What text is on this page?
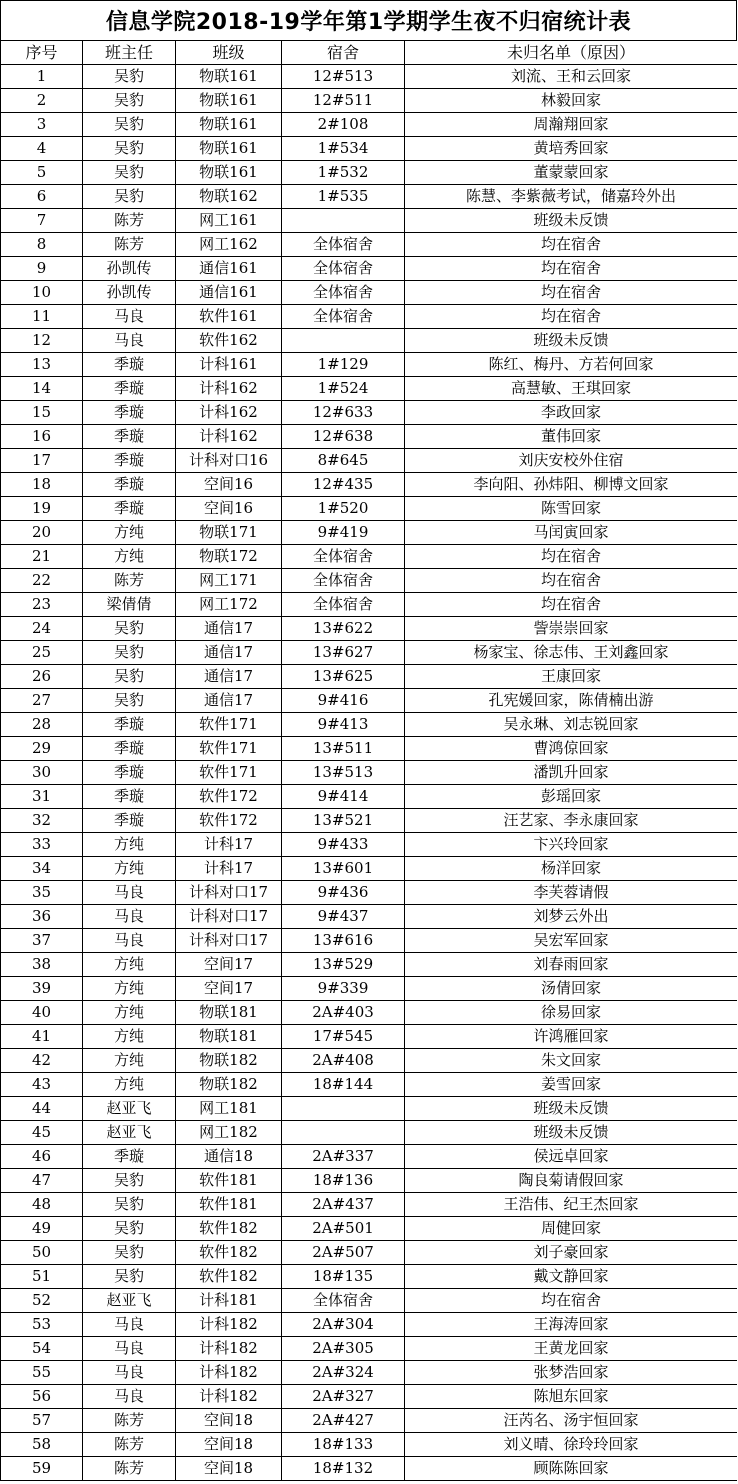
信息学院2018-19学年第1学期学生夜不归宿统计表
序号	班主任	班级	宿舍	未归名单（原因）
1	吴豹	物联161	12#513	刘流、王和云回家
2	吴豹	物联161	12#511	林毅回家
3	吴豹	物联161	2#108	周瀚翔回家
4	吴豹	物联161	1#534	黄培秀回家
5	吴豹	物联161	1#532	董蒙蒙回家
6	吴豹	物联162	1#535	陈慧、李紫薇考试，储嘉玲外出
7	陈芳	网工161		班级未反馈
8	陈芳	网工162	全体宿舍	均在宿舍
9	孙凯传	通信161	全体宿舍	均在宿舍
10	孙凯传	通信161	全体宿舍	均在宿舍
11	马良	软件161	全体宿舍	均在宿舍
12	马良	软件162		班级未反馈
13	季璇	计科161	1#129	陈红、梅丹、方若何回家
14	季璇	计科162	1#524	高慧敏、王琪回家
15	季璇	计科162	12#633	李政回家
16	季璇	计科162	12#638	董伟回家
17	季璇	计科对口16	8#645	刘庆安校外住宿
18	季璇	空间16	12#435	李向阳、孙炜阳、柳博文回家
19	季璇	空间16	1#520	陈雪回家
20	方纯	物联171	9#419	马闰寅回家
21	方纯	物联172	全体宿舍	均在宿舍
22	陈芳	网工171	全体宿舍	均在宿舍
23	梁倩倩	网工172	全体宿舍	均在宿舍
24	吴豹	通信17	13#622	訾崇崇回家
25	吴豹	通信17	13#627	杨家宝、徐志伟、王刘鑫回家
26	吴豹	通信17	13#625	王康回家
27	吴豹	通信17	9#416	孔宪媛回家，陈倩楠出游
28	季璇	软件171	9#413	吴永琳、刘志锐回家
29	季璇	软件171	13#511	曹鸿倞回家
30	季璇	软件171	13#513	潘凯升回家
31	季璇	软件172	9#414	彭瑶回家
32	季璇	软件172	13#521	汪艺家、李永康回家
33	方纯	计科17	9#433	卞兴玲回家
34	方纯	计科17	13#601	杨洋回家
35	马良	计科对口17	9#436	李芙蓉请假
36	马良	计科对口17	9#437	刘梦云外出
37	马良	计科对口17	13#616	吴宏军回家
38	方纯	空间17	13#529	刘春雨回家
39	方纯	空间17	9#339	汤倩回家
40	方纯	物联181	2A#403	徐易回家
41	方纯	物联181	17#545	许鸿雁回家
42	方纯	物联182	2A#408	朱文回家
43	方纯	物联182	18#144	姜雪回家
44	赵亚飞	网工181		班级未反馈
45	赵亚飞	网工182		班级未反馈
46	季璇	通信18	2A#337	侯远卓回家
47	吴豹	软件181	18#136	陶良菊请假回家
48	吴豹	软件181	2A#437	王浩伟、纪王杰回家
49	吴豹	软件182	2A#501	周健回家
50	吴豹	软件182	2A#507	刘子豪回家
51	吴豹	软件182	18#135	戴文静回家
52	赵亚飞	计科181	全体宿舍	均在宿舍
53	马良	计科182	2A#304	王海涛回家
54	马良	计科182	2A#305	王黄龙回家
55	马良	计科182	2A#324	张梦浩回家
56	马良	计科182	2A#327	陈旭东回家
57	陈芳	空间18	2A#427	汪芮名、汤宇恒回家
58	陈芳	空间18	18#133	刘义晴、徐玲玲回家
59	陈芳	空间18	18#132	顾陈陈回家
